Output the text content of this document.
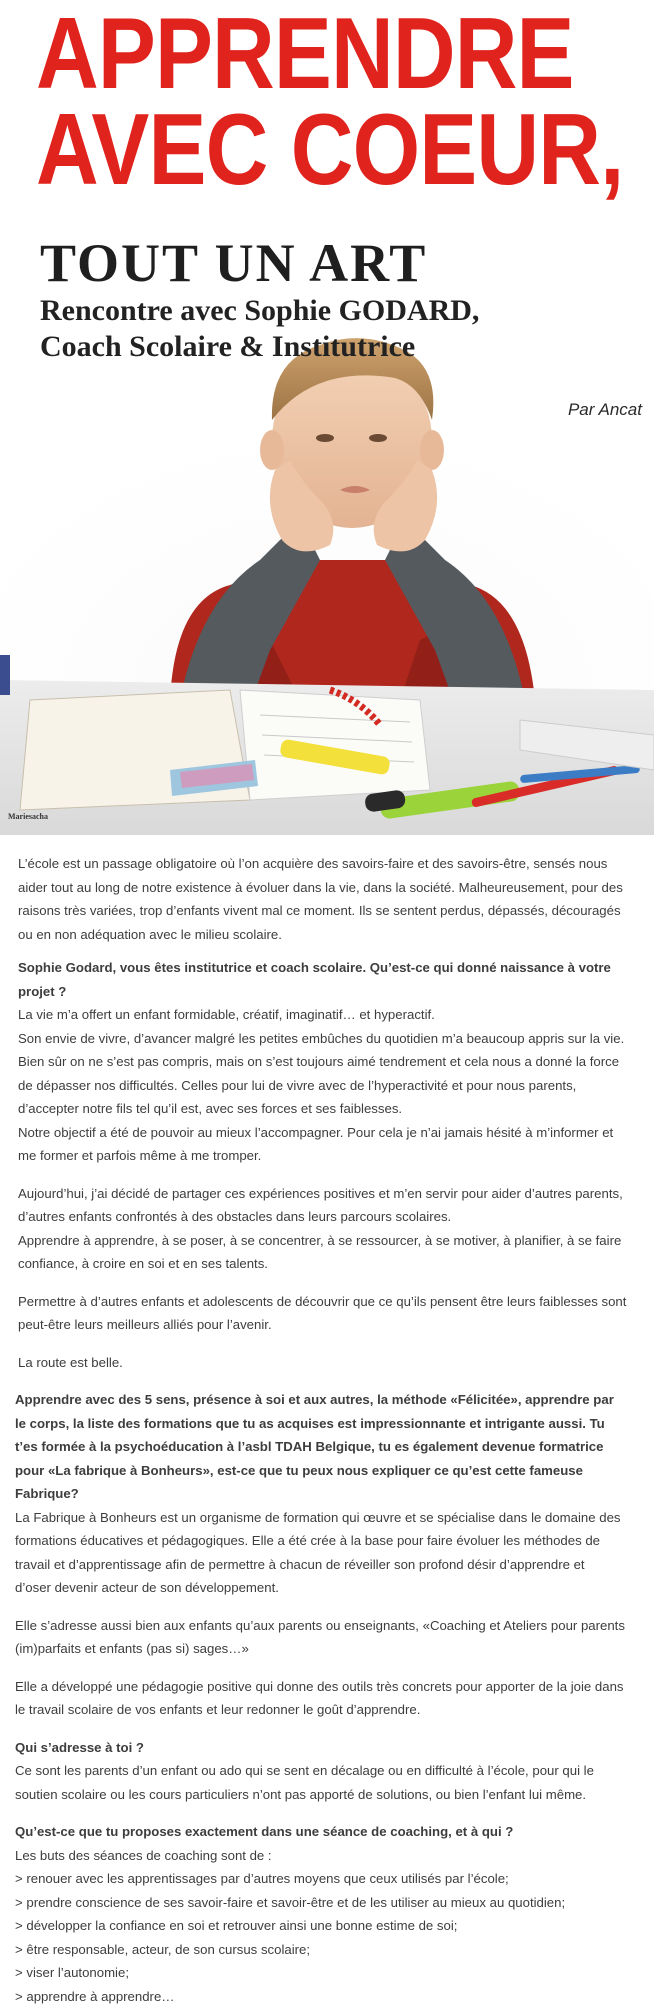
APPRENDRE
AVEC COEUR,
TOUT UN ART
Rencontre avec Sophie GODARD,
Coach Scolaire & Institutrice
Par Ancat
Mariesacha

L’école est un passage obligatoire où l’on acquière des savoirs-faire et des savoirs-être, sensés nous

aider tout au long de notre existence à évoluer dans la vie, dans la société. Malheureusement, pour des

raisons très variées, trop d’enfants vivent mal ce moment. Ils se sentent perdus, dépassés, découragés

ou en non adéquation avec le milieu scolaire.

Sophie Godard, vous êtes institutrice et coach scolaire. Qu’est-ce qui donné naissance à votre

projet ?

La vie m’a offert un enfant formidable, créatif, imaginatif… et hyperactif.

Son envie de vivre, d’avancer malgré les petites embûches du quotidien m’a beaucoup appris sur la vie.

Bien sûr on ne s’est pas compris, mais on s’est toujours aimé tendrement et cela nous a donné la force

de dépasser nos difficultés. Celles pour lui de vivre avec de l’hyperactivité et pour nous parents,

d’accepter notre fils tel qu’il est, avec ses forces et ses faiblesses.

Notre objectif a été de pouvoir au mieux l’accompagner. Pour cela je n’ai jamais hésité à m’informer et

me former et parfois même à me tromper.

Aujourd’hui, j’ai décidé de partager ces expériences positives et m’en servir pour aider d’autres parents,

d’autres enfants confrontés à des obstacles dans leurs parcours scolaires.

Apprendre à apprendre, à se poser, à se concentrer, à se ressourcer, à se motiver, à planifier, à se faire

confiance, à croire en soi et en ses talents.

Permettre à d’autres enfants et adolescents de découvrir que ce qu’ils pensent être leurs faiblesses sont

peut-être leurs meilleurs alliés pour l’avenir.

La route est belle.

Apprendre avec des 5 sens, présence à soi et aux autres, la méthode «Félicitée», apprendre par

le corps, la liste des formations que tu as acquises est impressionnante et intrigante aussi. Tu

t’es formée à la psychoéducation à l’asbl TDAH Belgique, tu es également devenue formatrice

pour «La fabrique à Bonheurs», est-ce que tu peux nous expliquer ce qu’est cette fameuse

Fabrique?

La Fabrique à Bonheurs est un organisme de formation qui œuvre et se spécialise dans le domaine des

formations éducatives et pédagogiques. Elle a été crée à la base pour faire évoluer les méthodes de

travail et d’apprentissage afin de permettre à chacun de réveiller son profond désir d’apprendre et

d’oser devenir acteur de son développement.

Elle s’adresse aussi bien aux enfants qu’aux parents ou enseignants, «Coaching et Ateliers pour parents

(im)parfaits et enfants (pas si) sages…»

Elle a développé une pédagogie positive qui donne des outils très concrets pour apporter de la joie dans

le travail scolaire de vos enfants et leur redonner le goût d’apprendre.

Qui s’adresse à toi ?

Ce sont les parents d’un enfant ou ado qui se sent en décalage ou en difficulté à l’école, pour qui le

soutien scolaire ou les cours particuliers n’ont pas apporté de solutions, ou bien l’enfant lui même.

Qu’est-ce que tu proposes exactement dans une séance de coaching, et à qui ?

Les buts des séances de coaching sont de :

> renouer avec les apprentissages par d’autres moyens que ceux utilisés par l’école;

> prendre conscience de ses savoir-faire et savoir-être et de les utiliser au mieux au quotidien;

> développer la confiance en soi et retrouver ainsi une bonne estime de soi;

> être responsable, acteur, de son cursus scolaire;

> viser l’autonomie;

> apprendre à apprendre…
